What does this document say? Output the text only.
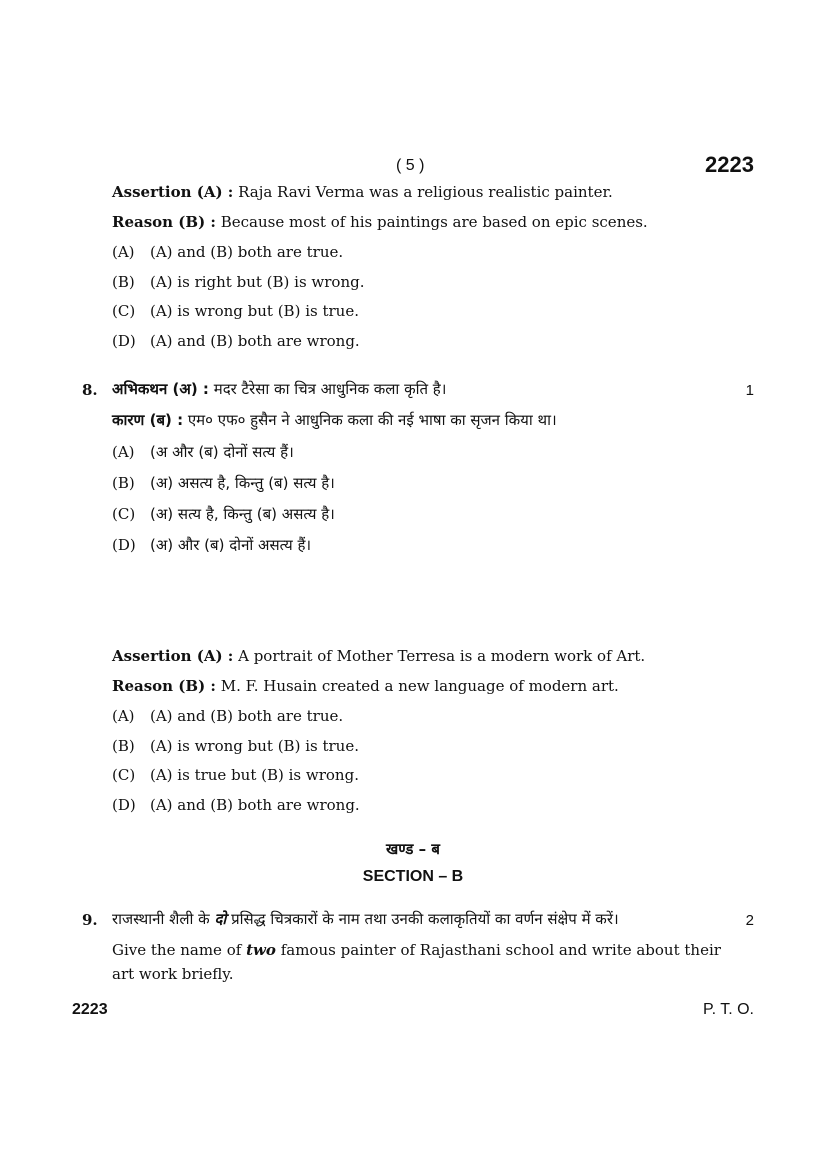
( 5 )	2223
Assertion (A) : Raja Ravi Verma was a religious realistic painter.
Reason (B) : Because most of his paintings are based on epic scenes.
(A) (A) and (B) both are true.
(B) (A) is right but (B) is wrong.
(C) (A) is wrong but (B) is true.
(D) (A) and (B) both are wrong.
8. अभिकथन (अ) : मदर टैरेसा का चित्र आधुनिक कला कृति है।	1
कारण (ब) : एम० एफ० हुसैन ने आधुनिक कला की नई भाषा का सृजन किया था।
(A) (अ और (ब) दोनों सत्य हैं।
(B) (अ) असत्य है, किन्तु (ब) सत्य है।
(C) (अ) सत्य है, किन्तु (ब) असत्य है।
(D) (अ) और (ब) दोनों असत्य हैं।
Assertion (A) : A portrait of Mother Terresa is a modern work of Art.
Reason (B) : M. F. Husain created a new language of modern art.
(A) (A) and (B) both are true.
(B) (A) is wrong but (B) is true.
(C) (A) is true but (B) is wrong.
(D) (A) and (B) both are wrong.
खण्ड – ब
SECTION – B
9. राजस्थानी शैली के दो प्रसिद्ध चित्रकारों के नाम तथा उनकी कलाकृतियों का वर्णन संक्षेप में करें।	2
Give the name of two famous painter of Rajasthani school and write about their
art work briefly.
2223	P. T. O.
